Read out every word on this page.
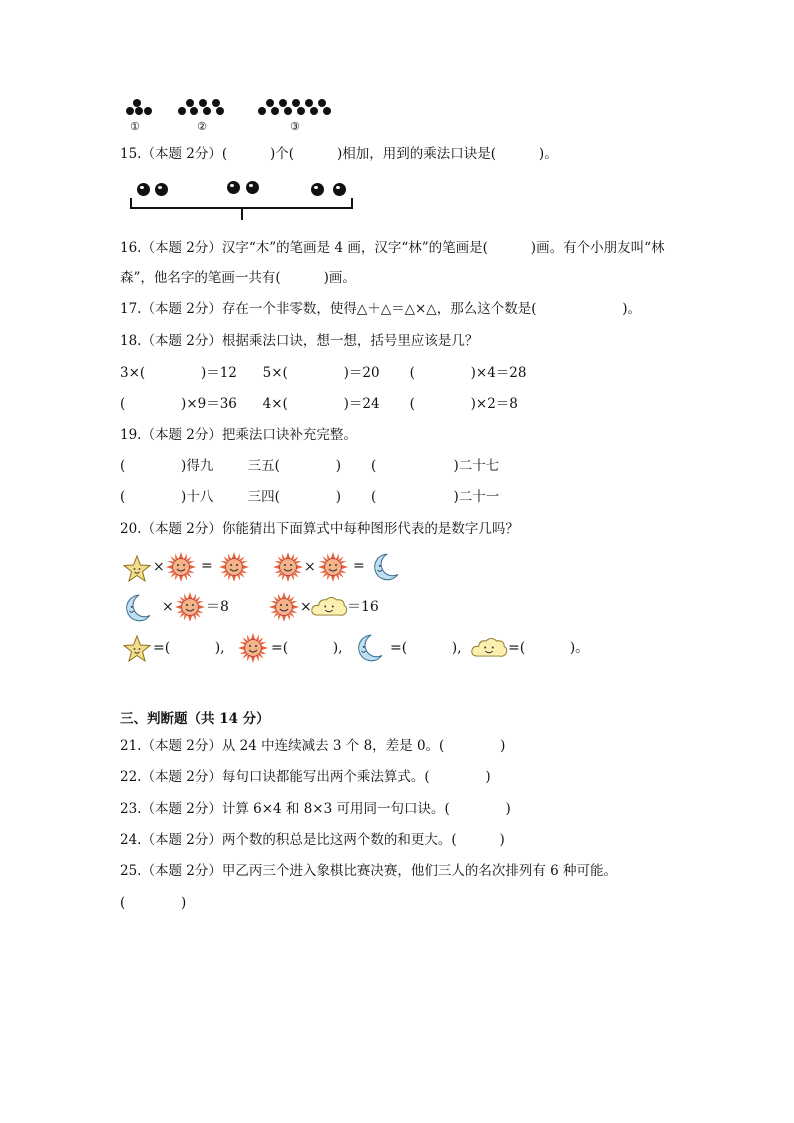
①	②	③
15.（本题 2分）(          )个(          )相加，用到的乘法口诀是(          )。
16.（本题 2分）汉字“木”的笔画是 4 画，汉字“林”的笔画是(          )画。有个小朋友叫“林
森”，他名字的笔画一共有(          )画。
17.（本题 2分）存在一个非零数，使得△＋△＝△×△，那么这个数是(                    )。
18.（本题 2分）根据乘法口诀，想一想，括号里应该是几？
3×(             )＝12      5×(             )＝20       (             )×4＝28
(             )×9＝36      4×(             )＝24       (             )×2＝8
19.（本题 2分）把乘法口诀补充完整。
(             )得九        三五(             )       (                  )二十七
(             )十八        三四(             )       (                  )二十一
20.（本题 2分）你能猜出下面算式中每种图形代表的是数字几吗？
×	=	×	=
× ＝8	×	＝16
=(          ),	=(          ),	=(          ),	=(          )。
三、判断题（共 14 分）
21.（本题 2分）从 24 中连续减去 3 个 8，差是 0。(             )
22.（本题 2分）每句口诀都能写出两个乘法算式。(             )
23.（本题 2分）计算 6×4 和 8×3 可用同一句口诀。(             )
24.（本题 2分）两个数的积总是比这两个数的和更大。(          )
25.（本题 2分）甲乙丙三个进入象棋比赛决赛，他们三人的名次排列有 6 种可能。
(             )
